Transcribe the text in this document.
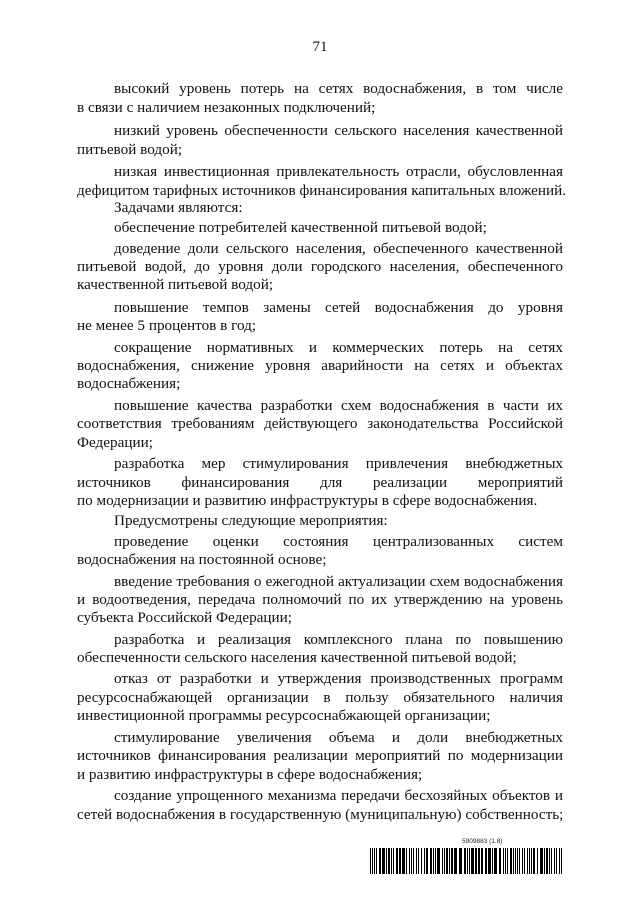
71
высокий уровень потерь на сетях водоснабжения, в том числе
в связи с наличием незаконных подключений;
низкий уровень обеспеченности сельского населения качественной
питьевой водой;
низкая инвестиционная привлекательность отрасли, обусловленная
дефицитом тарифных источников финансирования капитальных вложений.
Задачами являются:
обеспечение потребителей качественной питьевой водой;
доведение доли сельского населения, обеспеченного качественной
питьевой водой, до уровня доли городского населения, обеспеченного
качественной питьевой водой;
повышение темпов замены сетей водоснабжения до уровня
не менее 5 процентов в год;
сокращение нормативных и коммерческих потерь на сетях
водоснабжения, снижение уровня аварийности на сетях и объектах
водоснабжения;
повышение качества разработки схем водоснабжения в части их
соответствия требованиям действующего законодательства Российской
Федерации;
разработка мер стимулирования привлечения внебюджетных
источников финансирования для реализации мероприятий
по модернизации и развитию инфраструктуры в сфере водоснабжения.
Предусмотрены следующие мероприятия:
проведение оценки состояния централизованных систем
водоснабжения на постоянной основе;
введение требования о ежегодной актуализации схем водоснабжения
и водоотведения, передача полномочий по их утверждению на уровень
субъекта Российской Федерации;
разработка и реализация комплексного плана по повышению
обеспеченности сельского населения качественной питьевой водой;
отказ от разработки и утверждения производственных программ
ресурсоснабжающей организации в пользу обязательного наличия
инвестиционной программы ресурсоснабжающей организации;
стимулирование увеличения объема и доли внебюджетных
источников финансирования реализации мероприятий по модернизации
и развитию инфраструктуры в сфере водоснабжения;
создание упрощенного механизма передачи бесхозяйных объектов и
сетей водоснабжения в государственную (муниципальную) собственность;
5909883 (1.8)
